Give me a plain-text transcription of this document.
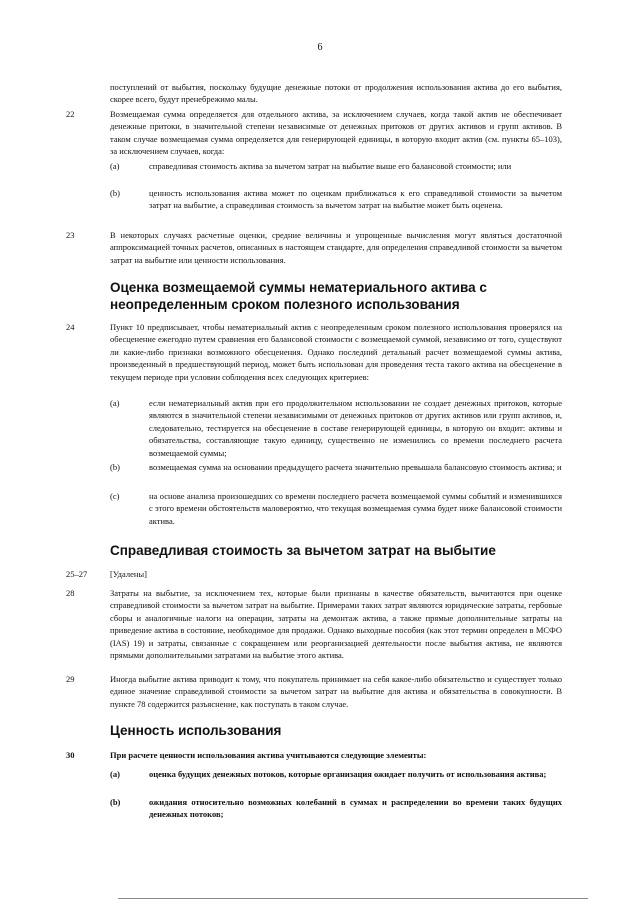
6
поступлений от выбытия, поскольку будущие денежные потоки от продолжения использования актива до его выбытия, скорее всего, будут пренебрежимо малы.
22	Возмещаемая сумма определяется для отдельного актива, за исключением случаев, когда такой актив не обеспечивает денежные притоки, в значительной степени независимые от денежных притоков от других активов и групп активов. В таком случае возмещаемая сумма определяется для генерирующей единицы, в которую входит актив (см. пункты 65–103), за исключением случаев, когда:
(a)	справедливая стоимость актива за вычетом затрат на выбытие выше его балансовой стоимости; или
(b)	ценность использования актива может по оценкам приближаться к его справедливой стоимости за вычетом затрат на выбытие, а справедливая стоимость за вычетом затрат на выбытие может быть оценена.
23	В некоторых случаях расчетные оценки, средние величины и упрощенные вычисления могут являться достаточной аппроксимацией точных расчетов, описанных в настоящем стандарте, для определения справедливой стоимости за вычетом затрат на выбытие или ценности использования.
Оценка возмещаемой суммы нематериального актива с неопределенным сроком полезного использования
24	Пункт 10 предписывает, чтобы нематериальный актив с неопределенным сроком полезного использования проверялся на обесценение ежегодно путем сравнения его балансовой стоимости с возмещаемой суммой, независимо от того, существуют ли какие-либо признаки возможного обесценения. Однако последний детальный расчет возмещаемой суммы актива, произведенный в предшествующий период, может быть использован для проведения теста такого актива на обесценение в текущем периоде при условии соблюдения всех следующих критериев:
(a)	если нематериальный актив при его продолжительном использовании не создает денежных притоков, которые являются в значительной степени независимыми от денежных притоков от других активов или групп активов, и, следовательно, тестируется на обесценение в составе генерирующей единицы, в которую он входит: активы и обязательства, составляющие такую единицу, существенно не изменились со времени последнего расчета возмещаемой суммы;
(b)	возмещаемая сумма на основании предыдущего расчета значительно превышала балансовую стоимость актива; и
(c)	на основе анализа произошедших со времени последнего расчета возмещаемой суммы событий и изменившихся с этого времени обстоятельств маловероятно, что текущая возмещаемая сумма будет ниже балансовой стоимости актива.
Справедливая стоимость за вычетом затрат на выбытие
25–27	[Удалены]
28	Затраты на выбытие, за исключением тех, которые были признаны в качестве обязательств, вычитаются при оценке справедливой стоимости за вычетом затрат на выбытие. Примерами таких затрат являются юридические затраты, гербовые сборы и аналогичные налоги на операции, затраты на демонтаж актива, а также прямые дополнительные затраты на приведение актива в состояние, необходимое для продажи. Однако выходные пособия (как этот термин определен в МСФО (IAS) 19) и затраты, связанные с сокращением или реорганизацией деятельности после выбытия актива, не являются прямыми дополнительными затратами на выбытие этого актива.
29	Иногда выбытие актива приводит к тому, что покупатель принимает на себя какое-либо обязательство и существует только единое значение справедливой стоимости за вычетом затрат на выбытие для актива и обязательства в совокупности. В пункте 78 содержится разъяснение, как поступать в таком случае.
Ценность использования
30	При расчете ценности использования актива учитываются следующие элементы:
(a)	оценка будущих денежных потоков, которые организация ожидает получить от использования актива;
(b)	ожидания относительно возможных колебаний в суммах и распределении во времени таких будущих денежных потоков;
